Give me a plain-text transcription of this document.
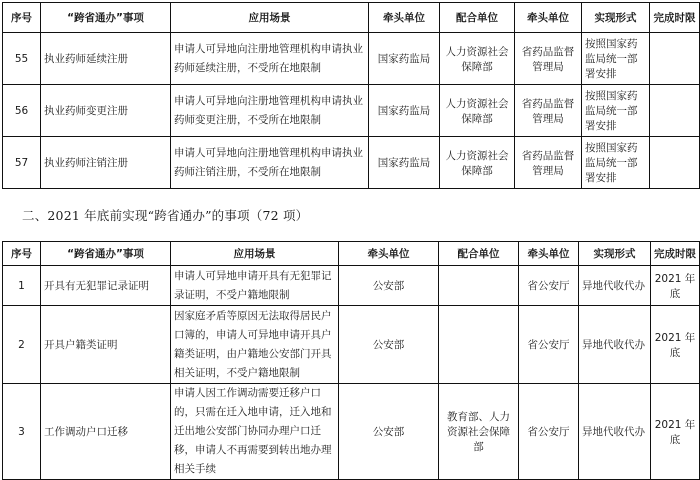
序号	“跨省通办”事项	应用场景	牵头单位	配合单位	牵头单位	实现形式	完成时限
55	执业药师延续注册	申请人可异地向注册地管理机构申请执业药师延续注册，不受所在地限制	国家药监局	人力资源社会保障部	省药品监督管理局	按照国家药监局统一部署安排	
56	执业药师变更注册	申请人可异地向注册地管理机构申请执业药师变更注册，不受所在地限制	国家药监局	人力资源社会保障部	省药品监督管理局	按照国家药监局统一部署安排	
57	执业药师注销注册	申请人可异地向注册地管理机构申请执业药师注销注册，不受所在地限制	国家药监局	人力资源社会保障部	省药品监督管理局	按照国家药监局统一部署安排	
二、2021 年底前实现“跨省通办”的事项（72 项）
序号	“跨省通办”事项	应用场景	牵头单位	配合单位	牵头单位	实现形式	完成时限
1	开具有无犯罪记录证明	申请人可异地申请开具有无犯罪记录证明，不受户籍地限制	公安部		省公安厅	异地代收代办	2021 年底
2	开具户籍类证明	因家庭矛盾等原因无法取得居民户口簿的，申请人可异地申请开具户籍类证明，由户籍地公安部门开具相关证明，不受户籍地限制	公安部		省公安厅	异地代收代办	2021 年底
3	工作调动户口迁移	申请人因工作调动需要迁移户口的，只需在迁入地申请，迁入地和迁出地公安部门协同办理户口迁移，申请人不再需要到转出地办理相关手续	公安部	教育部、人力资源社会保障部	省公安厅	异地代收代办	2021 年底
